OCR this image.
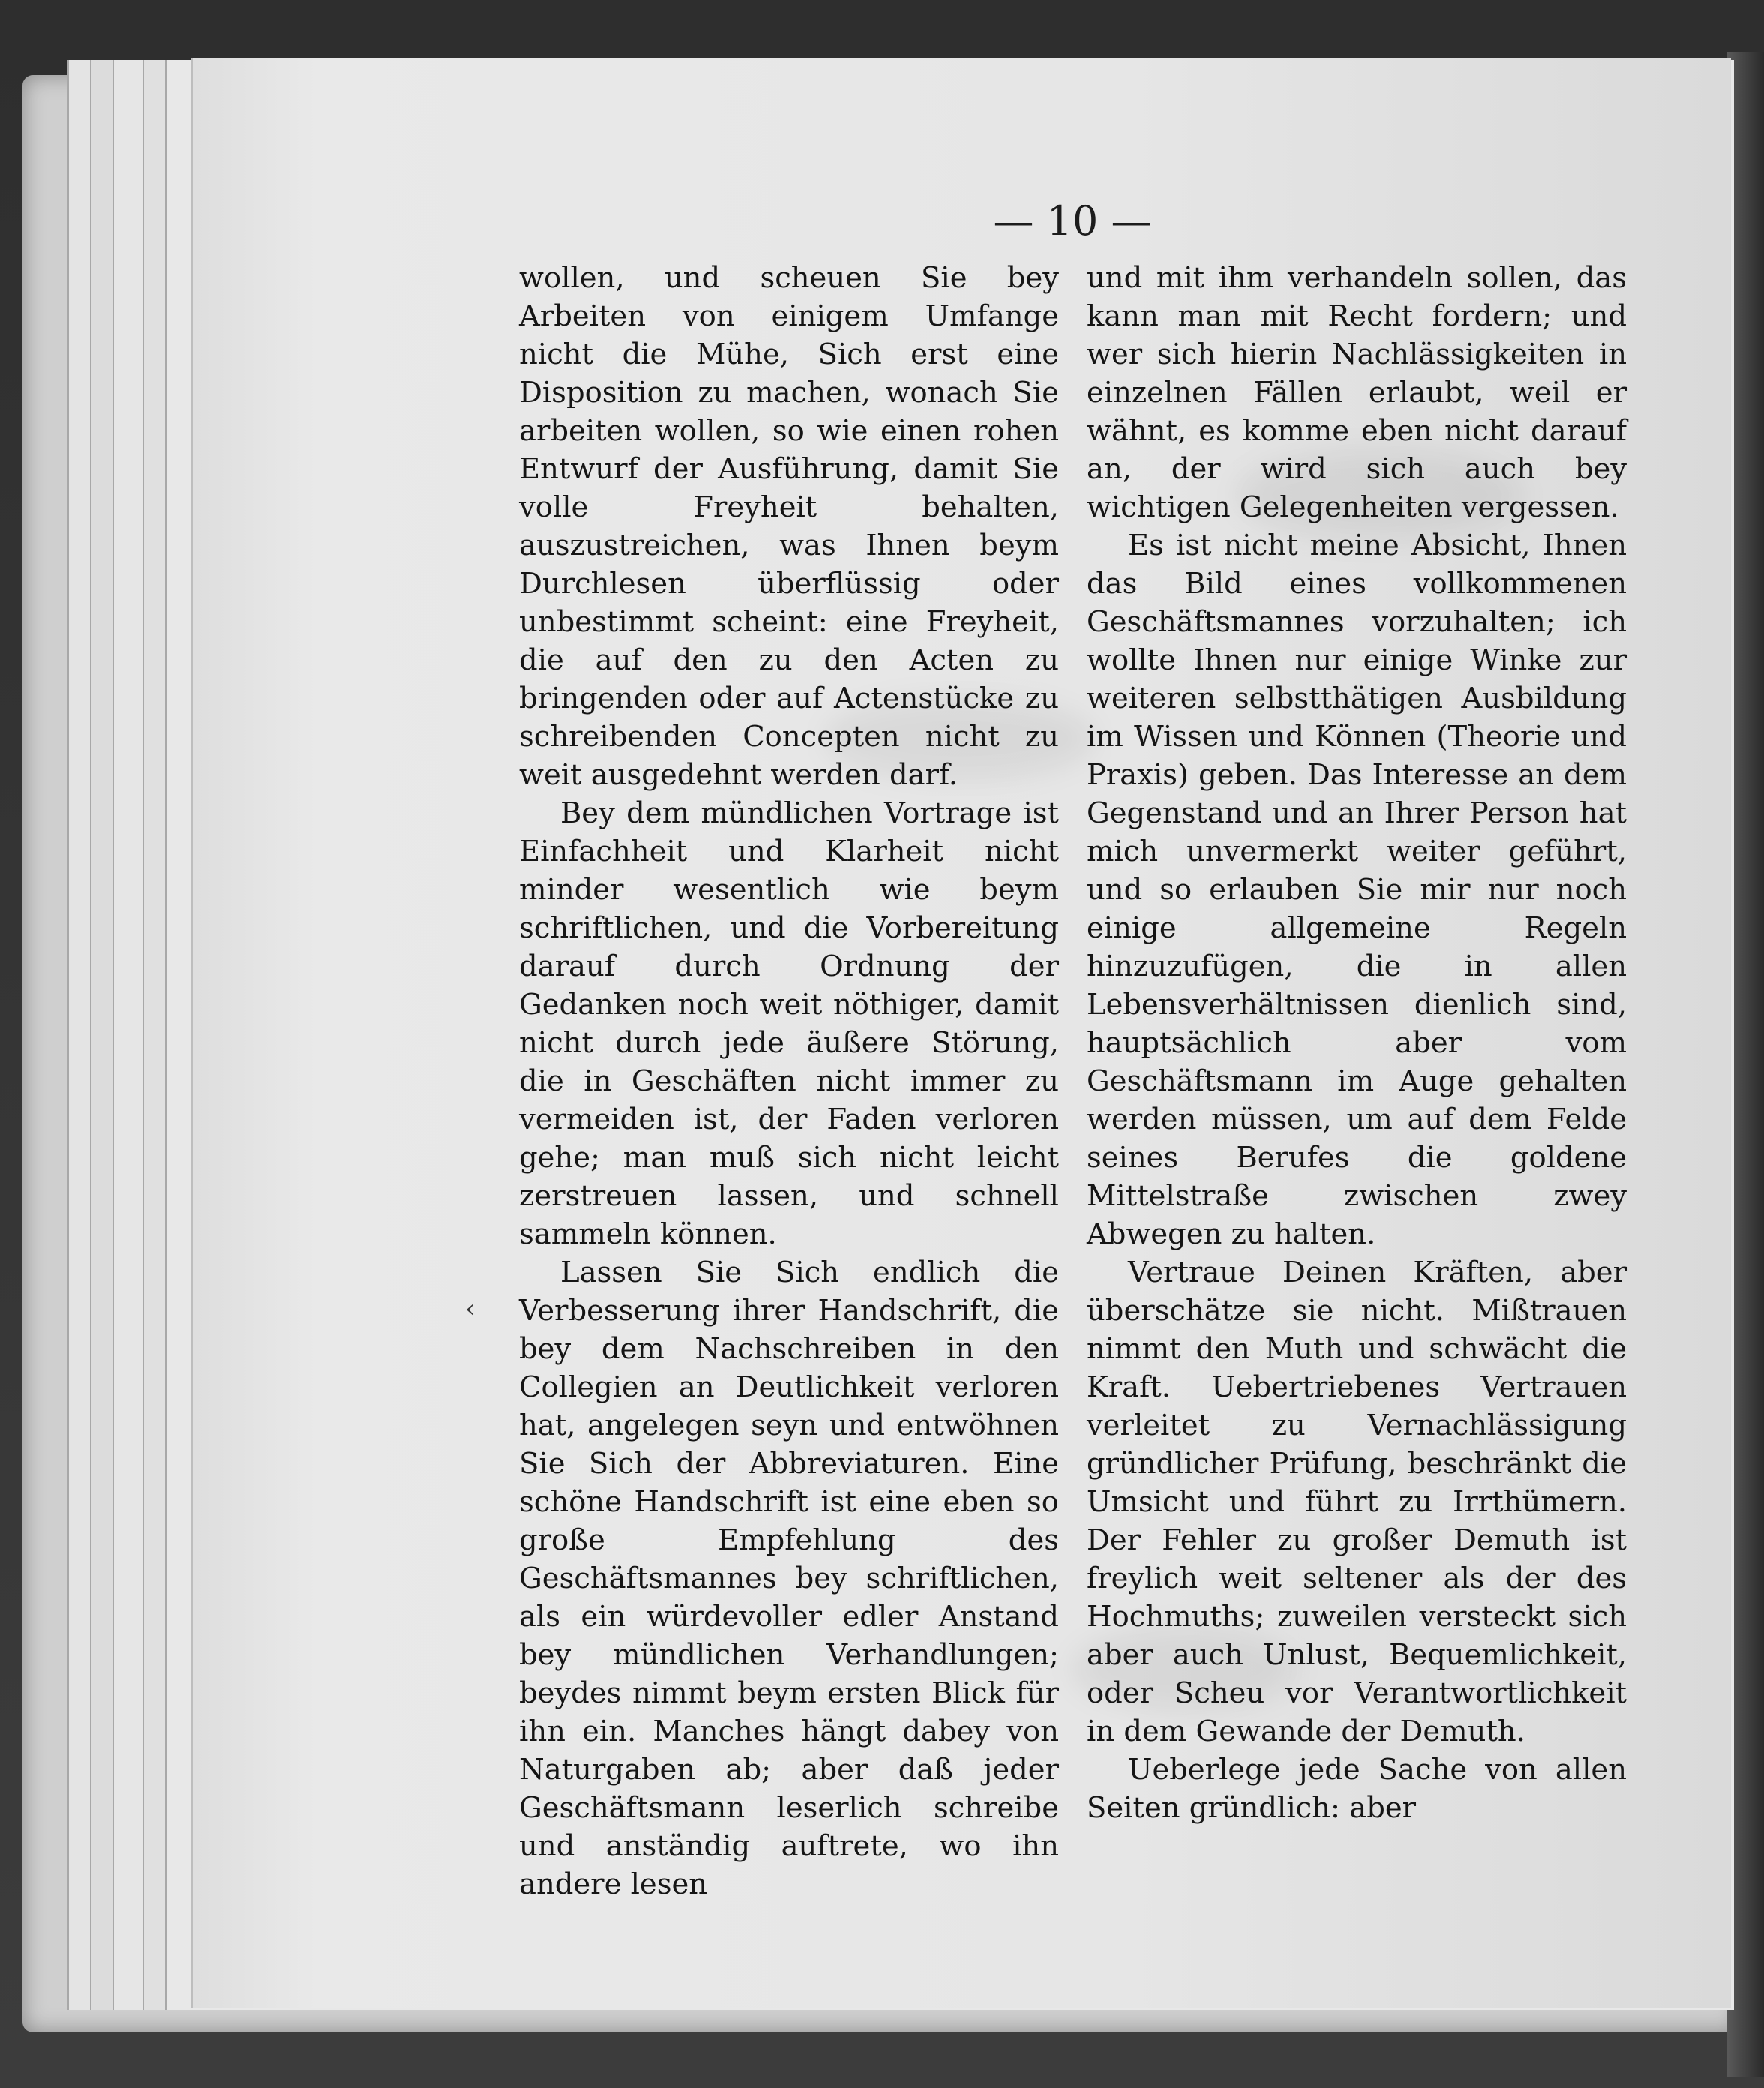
— 10 —
‹

wollen, und scheuen Sie bey Arbeiten von einigem Umfange nicht die Mühe, Sich erst eine Disposition zu machen, wonach Sie arbeiten wollen, so wie einen rohen Entwurf der Ausführung, damit Sie volle Freyheit behalten, auszustreichen, was Ihnen beym Durchlesen überflüssig oder unbestimmt scheint: eine Freyheit, die auf den zu den Acten zu bringenden oder auf Actenstücke zu schreibenden Concepten nicht zu weit ausgedehnt werden darf.

Bey dem mündlichen Vortrage ist Einfachheit und Klarheit nicht minder wesentlich wie beym schriftlichen, und die Vorbereitung darauf durch Ordnung der Gedanken noch weit nöthiger, damit nicht durch jede äußere Störung, die in Geschäften nicht immer zu vermeiden ist, der Faden verloren gehe; man muß sich nicht leicht zerstreuen lassen, und schnell sammeln können.

Lassen Sie Sich endlich die Verbesserung ihrer Handschrift, die bey dem Nachschreiben in den Collegien an Deutlichkeit verloren hat, angelegen seyn und entwöhnen Sie Sich der Abbreviaturen. Eine schöne Handschrift ist eine eben so große Empfehlung des Geschäftsmannes bey schriftlichen, als ein würdevoller edler Anstand bey mündlichen Verhandlungen; beydes nimmt beym ersten Blick für ihn ein. Manches hängt dabey von Naturgaben ab; aber daß jeder Geschäftsmann leserlich schreibe und anständig auftrete, wo ihn andere lesen

und mit ihm verhandeln sollen, das kann man mit Recht fordern; und wer sich hierin Nachlässigkeiten in einzelnen Fällen erlaubt, weil er wähnt, es komme eben nicht darauf an, der wird sich auch bey wichtigen Gelegenheiten vergessen.

Es ist nicht meine Absicht, Ihnen das Bild eines vollkommenen Geschäftsmannes vorzuhalten; ich wollte Ihnen nur einige Winke zur weiteren selbstthätigen Ausbildung im Wissen und Können (Theorie und Praxis) geben. Das Interesse an dem Gegenstand und an Ihrer Person hat mich unvermerkt weiter geführt, und so erlauben Sie mir nur noch einige allgemeine Regeln hinzuzufügen, die in allen Lebensverhältnissen dienlich sind, hauptsächlich aber vom Geschäftsmann im Auge gehalten werden müssen, um auf dem Felde seines Berufes die goldene Mittelstraße zwischen zwey Abwegen zu halten.

Vertraue Deinen Kräften, aber überschätze sie nicht. Mißtrauen nimmt den Muth und schwächt die Kraft. Uebertriebenes Vertrauen verleitet zu Vernachlässigung gründlicher Prüfung, beschränkt die Umsicht und führt zu Irrthümern. Der Fehler zu großer Demuth ist freylich weit seltener als der des Hochmuths; zuweilen versteckt sich aber auch Unlust, Bequemlichkeit, oder Scheu vor Verantwortlichkeit in dem Gewande der Demuth.

Ueberlege jede Sache von allen Seiten gründlich: aber
